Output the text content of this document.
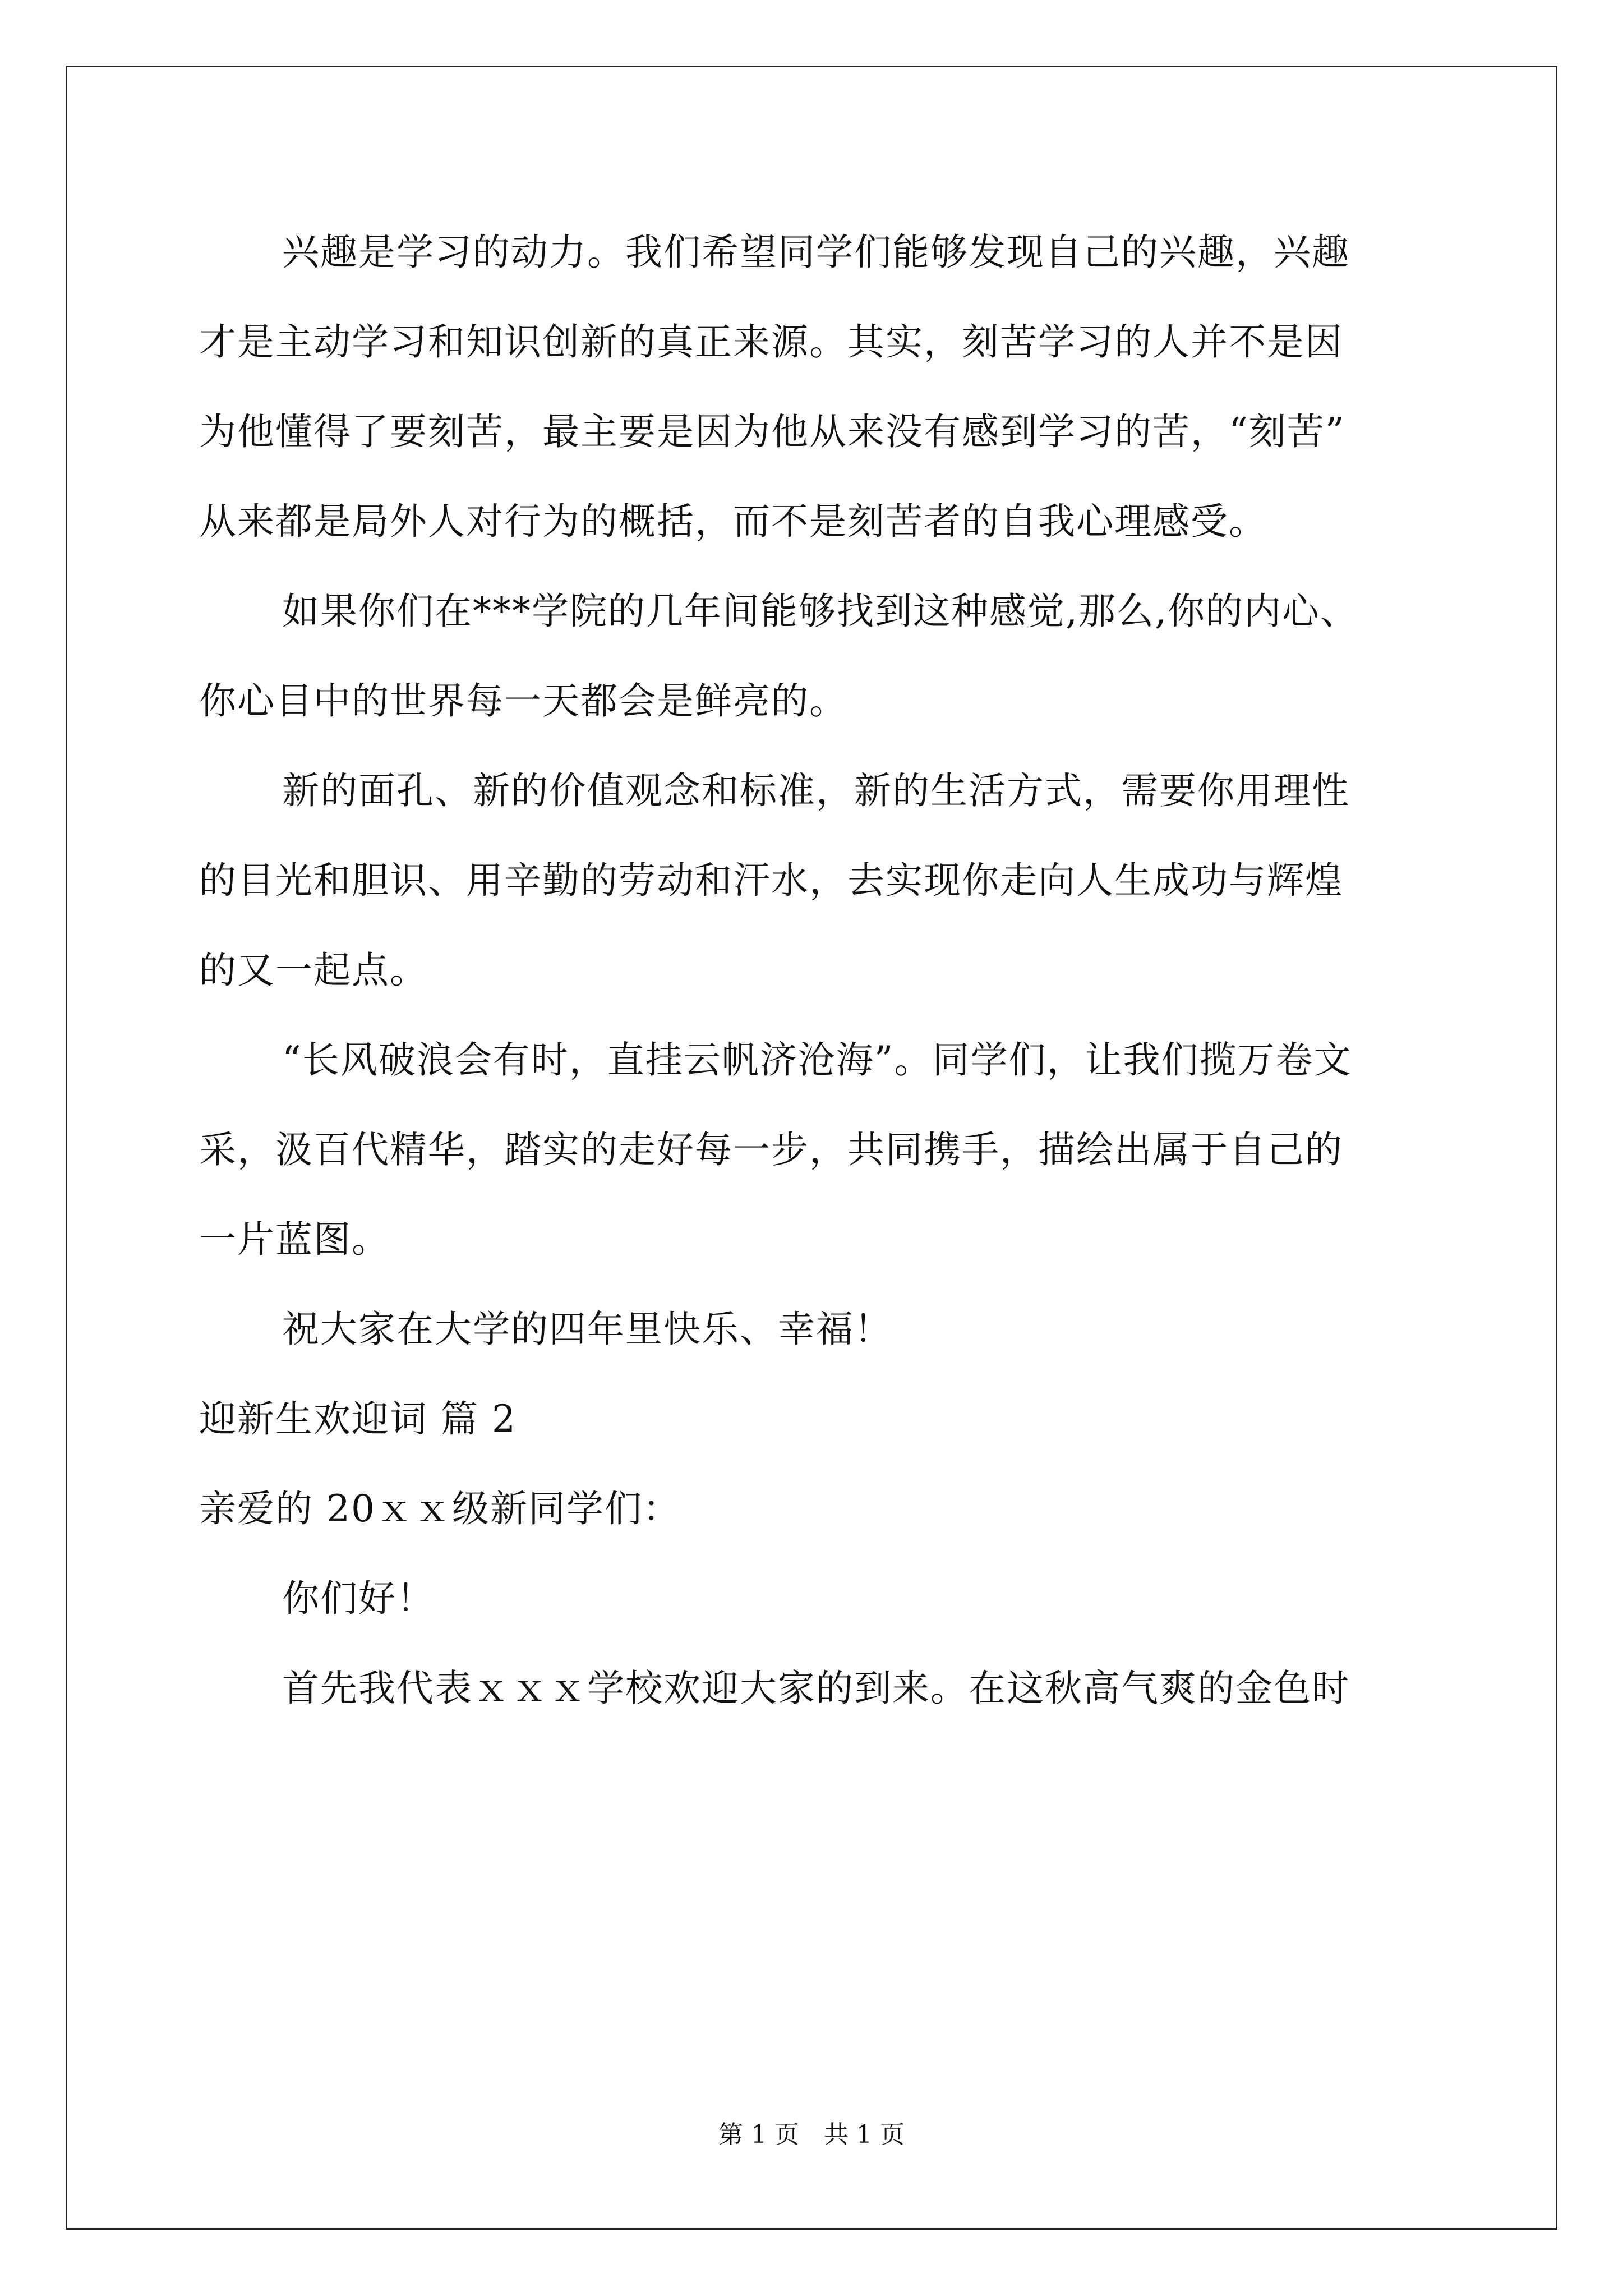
兴趣是学习的动力。我们希望同学们能够发现自己的兴趣，兴趣
才是主动学习和知识创新的真正来源。其实，刻苦学习的人并不是因
为他懂得了要刻苦，最主要是因为他从来没有感到学习的苦，“刻苦”
从来都是局外人对行为的概括，而不是刻苦者的自我心理感受。
如果你们在***学院的几年间能够找到这种感觉,那么,你的内心、
你心目中的世界每一天都会是鲜亮的。
新的面孔、新的价值观念和标准，新的生活方式，需要你用理性
的目光和胆识、用辛勤的劳动和汗水，去实现你走向人生成功与辉煌
的又一起点。
“长风破浪会有时，直挂云帆济沧海”。同学们，让我们揽万卷文
采，汲百代精华，踏实的走好每一步，共同携手，描绘出属于自己的
一片蓝图。
祝大家在大学的四年里快乐、幸福！
迎新生欢迎词 篇 2
亲爱的 20ｘｘ级新同学们：
你们好！
首先我代表ｘｘｘ学校欢迎大家的到来。在这秋高气爽的金色时
第 1 页　共 1 页
